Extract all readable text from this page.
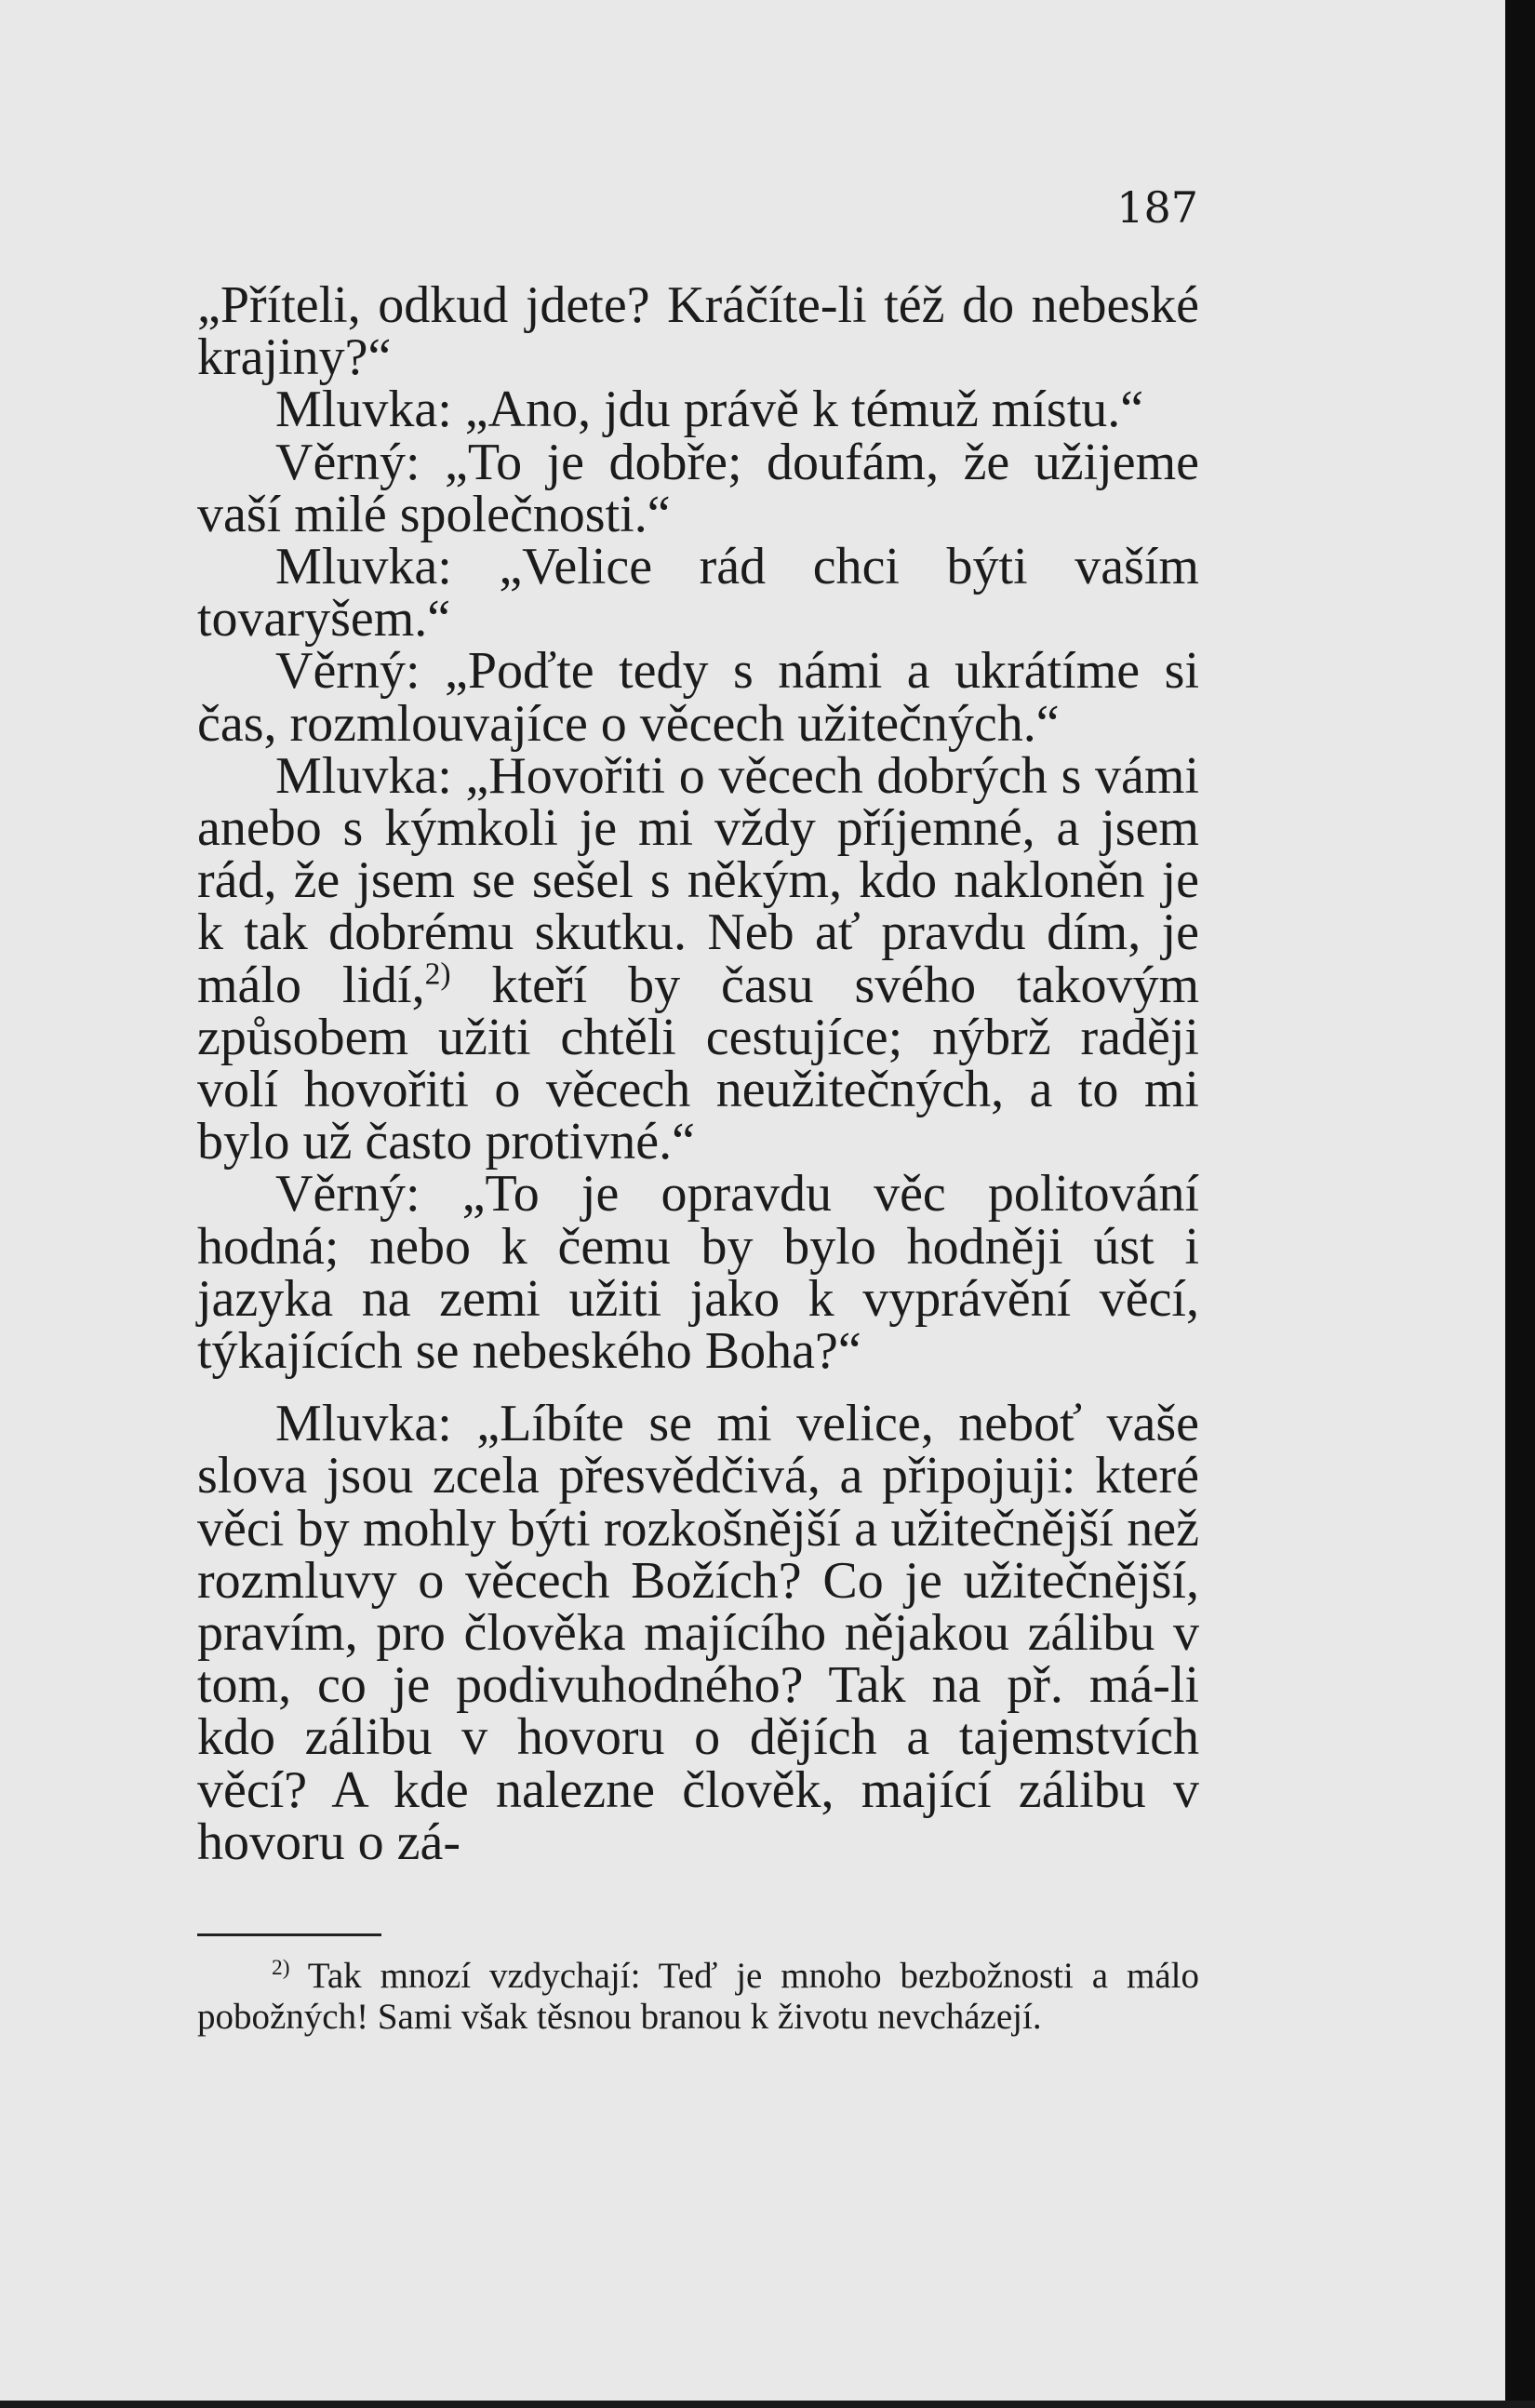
187

„Příteli, odkud jdete? Kráčíte-li též do nebeské krajiny?“

Mluvka: „Ano, jdu právě k témuž místu.“

Věrný: „To je dobře; doufám, že užijeme vaší milé společnosti.“

Mluvka: „Velice rád chci býti vaším tovaryšem.“

Věrný: „Poďte tedy s námi a ukrátíme si čas, rozmlouvajíce o věcech užitečných.“

Mluvka: „Hovořiti o věcech dobrých s vámi anebo s kýmkoli je mi vždy příjemné, a jsem rád, že jsem se sešel s někým, kdo nakloněn je k tak dobrému skutku. Neb ať pravdu dím, je málo lidí,$^{2)}$ kteří by času svého takovým způsobem užiti chtěli cestujíce; nýbrž raději volí hovořiti o věcech neužitečných, a to mi bylo už často protivné.“

Věrný: „To je opravdu věc politování hodná; nebo k čemu by bylo hodněji úst i jazyka na zemi užiti jako k vyprávění věcí, týkajících se nebeského Boha?“

Mluvka: „Líbíte se mi velice, neboť vaše slova jsou zcela přesvědčivá, a připojuji: které věci by mohly býti rozkošnější a užitečnější než rozmluvy o věcech Božích? Co je užitečnější, pravím, pro člověka majícího nějakou zálibu v tom, co je podivuhodného? Tak na př. má-li kdo zálibu v hovoru o dějích a tajemstvích věcí? A kde nalezne člověk, mající zálibu v hovoru o zá-

$^{2)}$ Tak mnozí vzdychají: Teď je mnoho bezbožnosti a málo pobožných! Sami však těsnou branou k životu nevcházejí.
